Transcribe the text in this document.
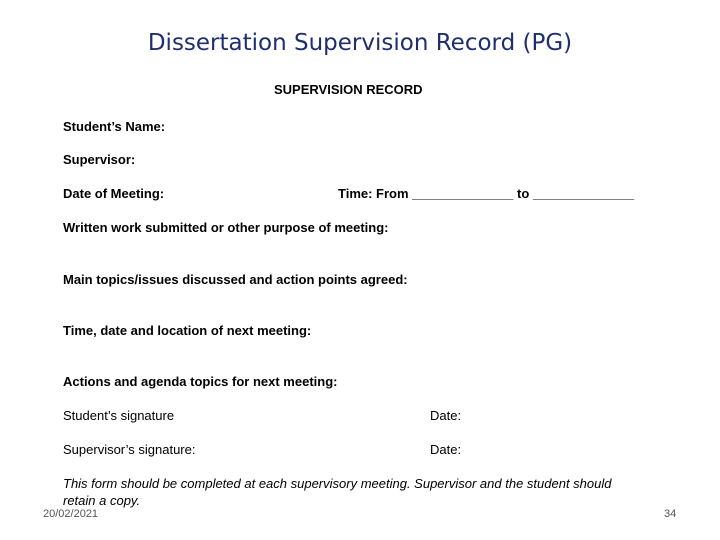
Dissertation Supervision Record (PG)
SUPERVISION RECORD
Student’s Name:
Supervisor:
Date of Meeting:	Time: From ______________ to ______________
Written work submitted or other purpose of meeting:
Main topics/issues discussed and action points agreed:
Time, date and location of next meeting:
Actions and agenda topics for next meeting:
Student’s signature	Date:
Supervisor’s signature:	Date:
This form should be completed at each supervisory meeting. Supervisor and the student should retain a copy.
20/02/2021	34
